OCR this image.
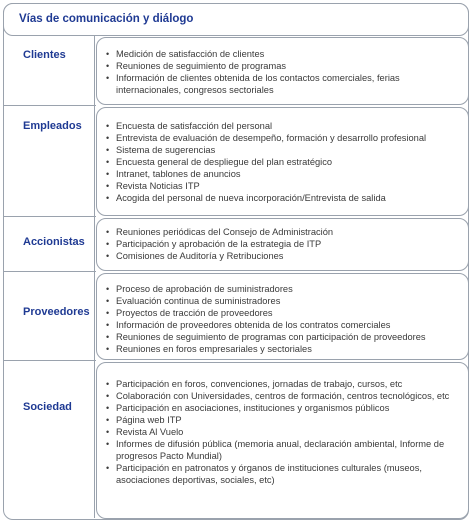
Vías de comunicación y diálogo
Clientes
Empleados
Accionistas
Proveedores
Sociedad
• Medición de satisfacción de clientes
• Reuniones de seguimiento de programas
• Información de clientes obtenida de los contactos comerciales, ferias internacionales, congresos sectoriales
• Encuesta de satisfacción del personal
• Entrevista de evaluación de desempeño, formación y desarrollo profesional
• Sistema de sugerencias
• Encuesta general de despliegue del plan estratégico
• Intranet, tablones de anuncios
• Revista Noticias ITP
• Acogida del personal de nueva incorporación/Entrevista de salida
• Reuniones periódicas del Consejo de Administración
• Participación y aprobación de la estrategia de ITP
• Comisiones de Auditoría y Retribuciones
• Proceso de aprobación de suministradores
• Evaluación continua de suministradores
• Proyectos de tracción de proveedores
• Información de proveedores obtenida de los contratos comerciales
• Reuniones de seguimiento de programas con participación de proveedores
• Reuniones en foros empresariales y sectoriales
• Participación en foros, convenciones, jornadas de trabajo, cursos, etc
• Colaboración con Universidades, centros de formación, centros tecnológicos, etc
• Participación en asociaciones, instituciones y organismos públicos
• Página web ITP
• Revista Al Vuelo
• Informes de difusión pública (memoria anual, declaración ambiental, Informe de progresos Pacto Mundial)
• Participación en patronatos y órganos de instituciones culturales (museos, asociaciones deportivas, sociales, etc)
